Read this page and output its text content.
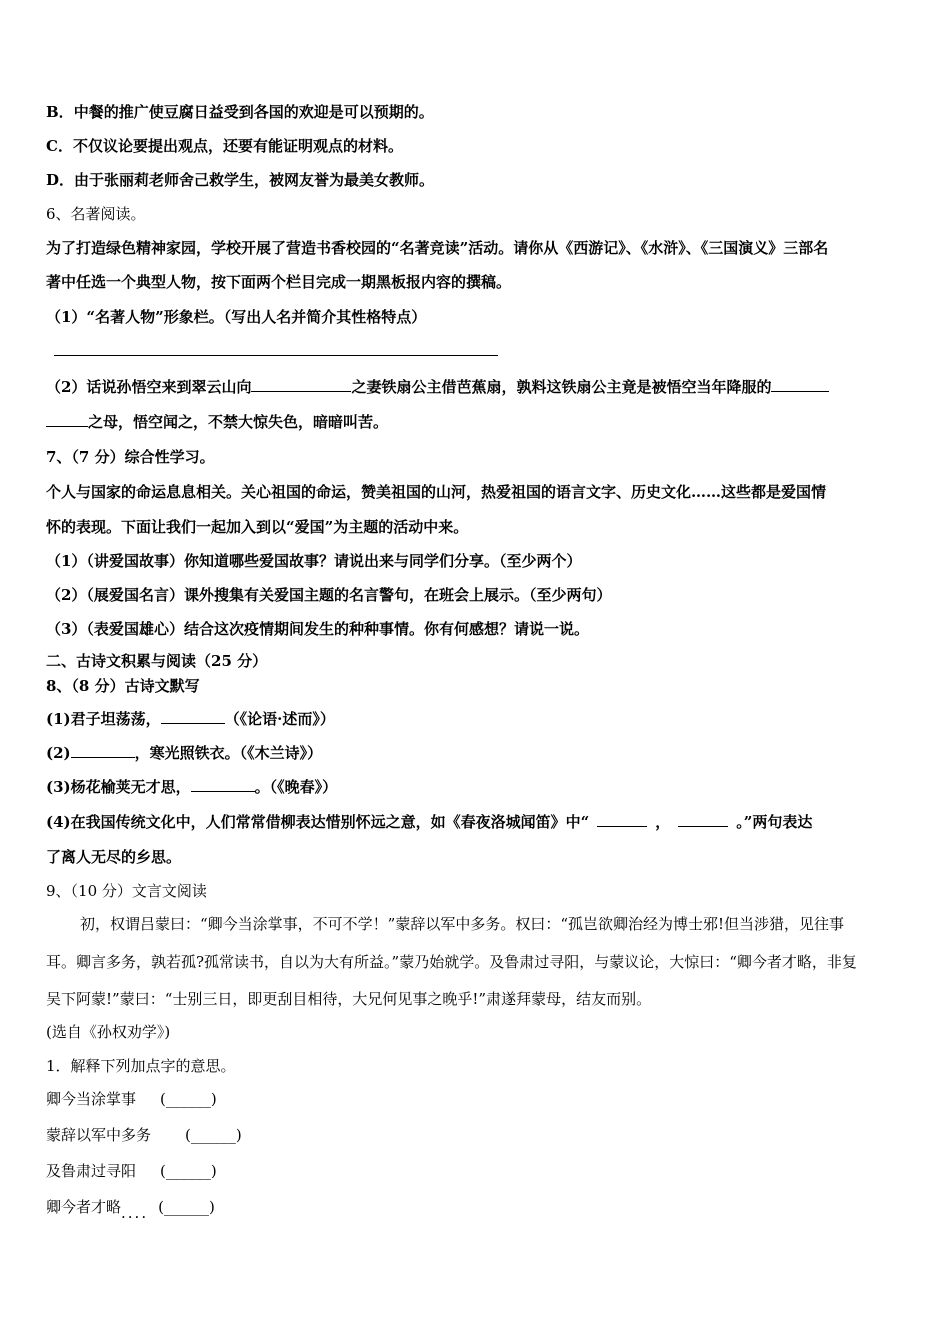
B．中餐的推广使豆腐日益受到各国的欢迎是可以预期的。
C．不仅议论要提出观点，还要有能证明观点的材料。
D．由于张丽莉老师舍己救学生，被网友誉为最美女教师。
6、名著阅读。
为了打造绿色精神家园，学校开展了营造书香校园的“名著竞读”活动。请你从《西游记》、《水浒》、《三国演义》三部名
著中任选一个典型人物，按下面两个栏目完成一期黑板报内容的撰稿。
（1）“名著人物”形象栏。（写出人名并简介其性格特点）
（2）话说孙悟空来到翠云山向	之妻铁扇公主借芭蕉扇，孰料这铁扇公主竟是被悟空当年降服的
之母，悟空闻之，不禁大惊失色，暗暗叫苦。
7、（7 分）综合性学习。
个人与国家的命运息息相关。关心祖国的命运，赞美祖国的山河，热爱祖国的语言文字、历史文化……这些都是爱国情
怀的表现。下面让我们一起加入到以“爱国”为主题的活动中来。
（1）（讲爱国故事）你知道哪些爱国故事？请说出来与同学们分享。（至少两个）
（2）（展爱国名言）课外搜集有关爱国主题的名言警句，在班会上展示。（至少两句）
（3）（表爱国雄心）结合这次疫情期间发生的种种事情。你有何感想？请说一说。
二、古诗文积累与阅读（25 分）
8、（8 分）古诗文默写
(1)君子坦荡荡，	（《论语·述而》）
(2)	，寒光照铁衣。（《木兰诗》）
(3)杨花榆荚无才思，	。（《晚春》）
(4)在我国传统文化中，人们常常借柳表达惜别怀远之意，如《春夜洛城闻笛》中“	，	。”两句表达
了离人无尽的乡思。
9、（10 分）文言文阅读
初，权谓吕蒙曰：“卿今当涂掌事，不可不学！”蒙辞以军中多务。权曰：“孤岂欲卿治经为博士邪!但当涉猎，见往事
耳。卿言多务，孰若孤?孤常读书，自以为大有所益。”蒙乃始就学。及鲁肃过寻阳，与蒙议论，大惊曰：“卿今者才略，非复
吴下阿蒙!”蒙曰：“士别三日，即更刮目相待，大兄何见事之晚乎!”肃遂拜蒙母，结友而别。
(选自《孙权劝学》)
1．解释下列加点字的意思。
卿今当涂掌事 (______)
蒙辞以军中多务 (______)
及鲁肃过寻阳 (______)
卿今者才略.... (______)
